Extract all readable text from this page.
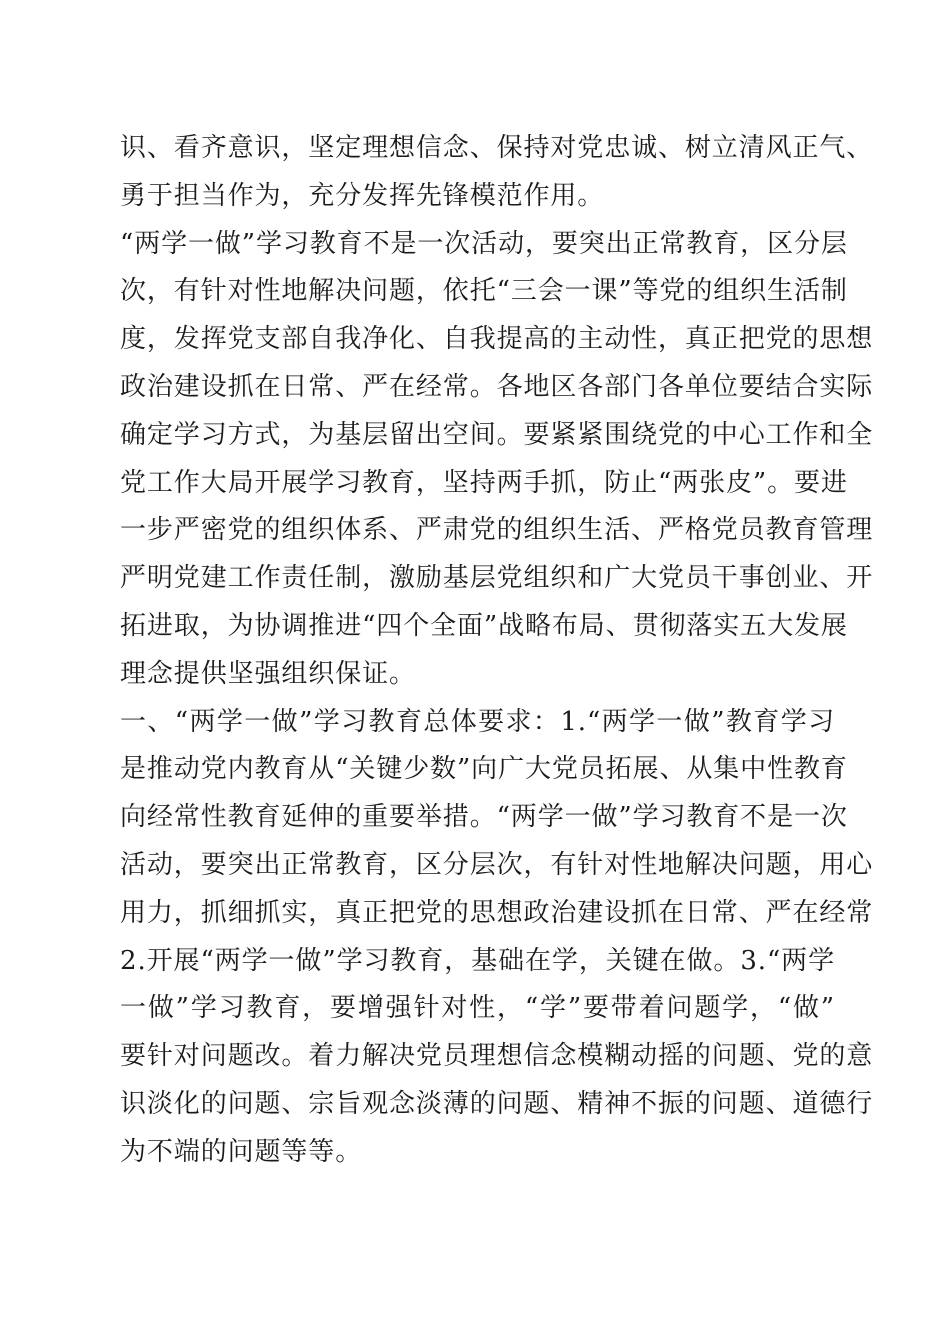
识、看齐意识，坚定理想信念、保持对党忠诚、树立清风正气、
勇于担当作为，充分发挥先锋模范作用。
“两学一做”学习教育不是一次活动，要突出正常教育，区分层
次，有针对性地解决问题，依托“三会一课”等党的组织生活制
度，发挥党支部自我净化、自我提高的主动性，真正把党的思想
政治建设抓在日常、严在经常。各地区各部门各单位要结合实际
确定学习方式，为基层留出空间。要紧紧围绕党的中心工作和全
党工作大局开展学习教育，坚持两手抓，防止“两张皮”。要进
一步严密党的组织体系、严肃党的组织生活、严格党员教育管理
严明党建工作责任制，激励基层党组织和广大党员干事创业、开
拓进取，为协调推进“四个全面”战略布局、贯彻落实五大发展
理念提供坚强组织保证。
一、“两学一做”学习教育总体要求：1.“两学一做”教育学习
是推动党内教育从“关键少数”向广大党员拓展、从集中性教育
向经常性教育延伸的重要举措。“两学一做”学习教育不是一次
活动，要突出正常教育，区分层次，有针对性地解决问题，用心
用力，抓细抓实，真正把党的思想政治建设抓在日常、严在经常
2.开展“两学一做”学习教育，基础在学，关键在做。3.“两学
一做”学习教育，要增强针对性，“学”要带着问题学，“做”
要针对问题改。着力解决党员理想信念模糊动摇的问题、党的意
识淡化的问题、宗旨观念淡薄的问题、精神不振的问题、道德行
为不端的问题等等。
